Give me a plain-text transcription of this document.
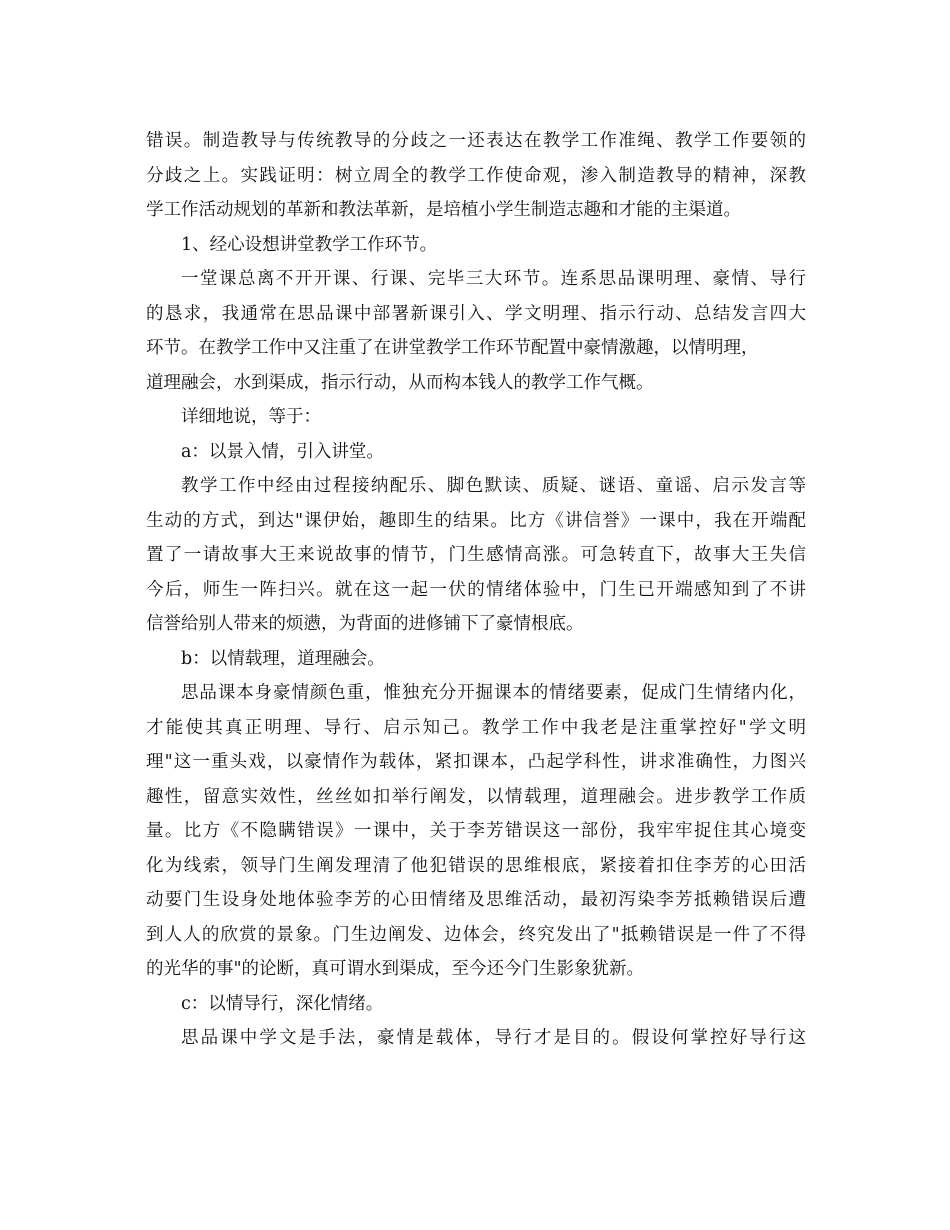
错误。制造教导与传统教导的分歧之一还表达在教学工作准绳、教学工作要领的
分歧之上。实践证明：树立周全的教学工作使命观，渗入制造教导的精神，深教
学工作活动规划的革新和教法革新，是培植小学生制造志趣和才能的主渠道。
1、经心设想讲堂教学工作环节。
一堂课总离不开开课、行课、完毕三大环节。连系思品课明理、豪情、导行
的恳求，我通常在思品课中部署新课引入、学文明理、指示行动、总结发言四大
环节。在教学工作中又注重了在讲堂教学工作环节配置中豪情激趣，以情明理，
道理融会，水到渠成，指示行动，从而构本钱人的教学工作气概。
详细地说，等于：
a：以景入情，引入讲堂。
教学工作中经由过程接纳配乐、脚色默读、质疑、谜语、童谣、启示发言等
生动的方式，到达"课伊始，趣即生的结果。比方《讲信誉》一课中，我在开端配
置了一请故事大王来说故事的情节，门生感情高涨。可急转直下，故事大王失信
今后，师生一阵扫兴。就在这一起一伏的情绪体验中，门生已开端感知到了不讲
信誉给别人带来的烦懑，为背面的进修铺下了豪情根底。
b：以情载理，道理融会。
思品课本身豪情颜色重，惟独充分开掘课本的情绪要素，促成门生情绪内化，
才能使其真正明理、导行、启示知己。教学工作中我老是注重掌控好"学文明
理"这一重头戏，以豪情作为载体，紧扣课本，凸起学科性，讲求准确性，力图兴
趣性，留意实效性，丝丝如扣举行阐发，以情载理，道理融会。进步教学工作质
量。比方《不隐瞒错误》一课中，关于李芳错误这一部份，我牢牢捉住其心境变
化为线索，领导门生阐发理清了他犯错误的思维根底，紧接着扣住李芳的心田活
动要门生设身处地体验李芳的心田情绪及思维活动，最初泻染李芳抵赖错误后遭
到人人的欣赏的景象。门生边阐发、边体会，终究发出了"抵赖错误是一件了不得
的光华的事"的论断，真可谓水到渠成，至今还今门生影象犹新。
c：以情导行，深化情绪。
思品课中学文是手法，豪情是载体，导行才是目的。假设何掌控好导行这
